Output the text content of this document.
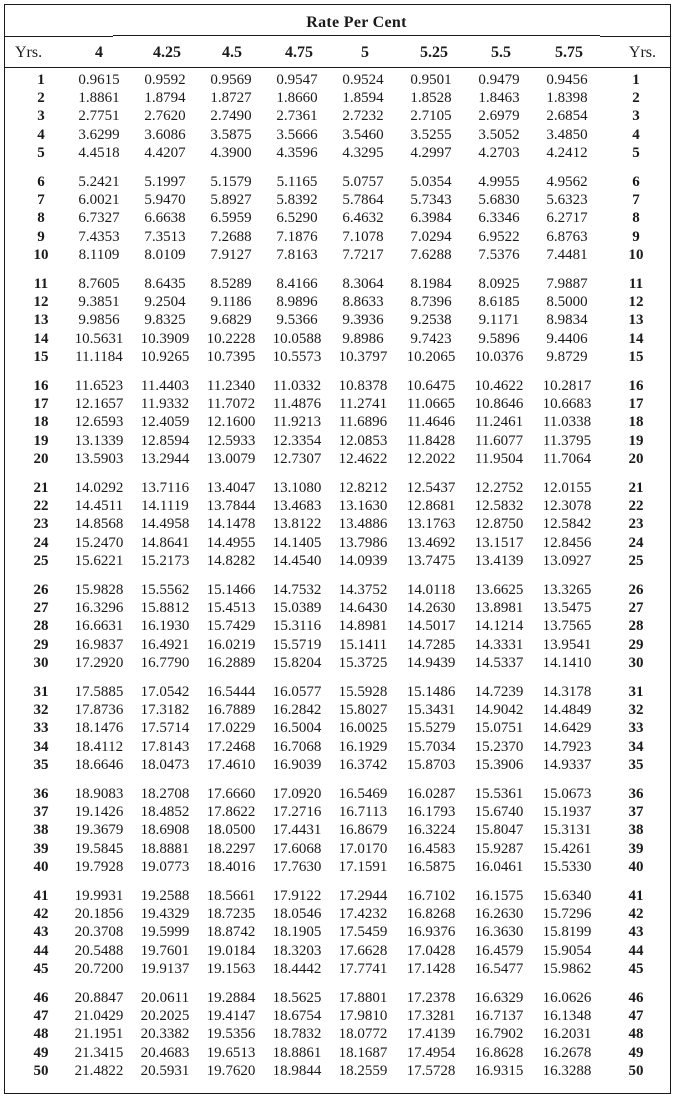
Rate Per Cent
Yrs.	4	4.25	4.5	4.75	5	5.25	5.5	5.75	Yrs.
1	0.9615	0.9592	0.9569	0.9547	0.9524	0.9501	0.9479	0.9456	1
2	1.8861	1.8794	1.8727	1.8660	1.8594	1.8528	1.8463	1.8398	2
3	2.7751	2.7620	2.7490	2.7361	2.7232	2.7105	2.6979	2.6854	3
4	3.6299	3.6086	3.5875	3.5666	3.5460	3.5255	3.5052	3.4850	4
5	4.4518	4.4207	4.3900	4.3596	4.3295	4.2997	4.2703	4.2412	5
6	5.2421	5.1997	5.1579	5.1165	5.0757	5.0354	4.9955	4.9562	6
7	6.0021	5.9470	5.8927	5.8392	5.7864	5.7343	5.6830	5.6323	7
8	6.7327	6.6638	6.5959	6.5290	6.4632	6.3984	6.3346	6.2717	8
9	7.4353	7.3513	7.2688	7.1876	7.1078	7.0294	6.9522	6.8763	9
10	8.1109	8.0109	7.9127	7.8163	7.7217	7.6288	7.5376	7.4481	10
11	8.7605	8.6435	8.5289	8.4166	8.3064	8.1984	8.0925	7.9887	11
12	9.3851	9.2504	9.1186	8.9896	8.8633	8.7396	8.6185	8.5000	12
13	9.9856	9.8325	9.6829	9.5366	9.3936	9.2538	9.1171	8.9834	13
14	10.5631	10.3909	10.2228	10.0588	9.8986	9.7423	9.5896	9.4406	14
15	11.1184	10.9265	10.7395	10.5573	10.3797	10.2065	10.0376	9.8729	15
16	11.6523	11.4403	11.2340	11.0332	10.8378	10.6475	10.4622	10.2817	16
17	12.1657	11.9332	11.7072	11.4876	11.2741	11.0665	10.8646	10.6683	17
18	12.6593	12.4059	12.1600	11.9213	11.6896	11.4646	11.2461	11.0338	18
19	13.1339	12.8594	12.5933	12.3354	12.0853	11.8428	11.6077	11.3795	19
20	13.5903	13.2944	13.0079	12.7307	12.4622	12.2022	11.9504	11.7064	20
21	14.0292	13.7116	13.4047	13.1080	12.8212	12.5437	12.2752	12.0155	21
22	14.4511	14.1119	13.7844	13.4683	13.1630	12.8681	12.5832	12.3078	22
23	14.8568	14.4958	14.1478	13.8122	13.4886	13.1763	12.8750	12.5842	23
24	15.2470	14.8641	14.4955	14.1405	13.7986	13.4692	13.1517	12.8456	24
25	15.6221	15.2173	14.8282	14.4540	14.0939	13.7475	13.4139	13.0927	25
26	15.9828	15.5562	15.1466	14.7532	14.3752	14.0118	13.6625	13.3265	26
27	16.3296	15.8812	15.4513	15.0389	14.6430	14.2630	13.8981	13.5475	27
28	16.6631	16.1930	15.7429	15.3116	14.8981	14.5017	14.1214	13.7565	28
29	16.9837	16.4921	16.0219	15.5719	15.1411	14.7285	14.3331	13.9541	29
30	17.2920	16.7790	16.2889	15.8204	15.3725	14.9439	14.5337	14.1410	30
31	17.5885	17.0542	16.5444	16.0577	15.5928	15.1486	14.7239	14.3178	31
32	17.8736	17.3182	16.7889	16.2842	15.8027	15.3431	14.9042	14.4849	32
33	18.1476	17.5714	17.0229	16.5004	16.0025	15.5279	15.0751	14.6429	33
34	18.4112	17.8143	17.2468	16.7068	16.1929	15.7034	15.2370	14.7923	34
35	18.6646	18.0473	17.4610	16.9039	16.3742	15.8703	15.3906	14.9337	35
36	18.9083	18.2708	17.6660	17.0920	16.5469	16.0287	15.5361	15.0673	36
37	19.1426	18.4852	17.8622	17.2716	16.7113	16.1793	15.6740	15.1937	37
38	19.3679	18.6908	18.0500	17.4431	16.8679	16.3224	15.8047	15.3131	38
39	19.5845	18.8881	18.2297	17.6068	17.0170	16.4583	15.9287	15.4261	39
40	19.7928	19.0773	18.4016	17.7630	17.1591	16.5875	16.0461	15.5330	40
41	19.9931	19.2588	18.5661	17.9122	17.2944	16.7102	16.1575	15.6340	41
42	20.1856	19.4329	18.7235	18.0546	17.4232	16.8268	16.2630	15.7296	42
43	20.3708	19.5999	18.8742	18.1905	17.5459	16.9376	16.3630	15.8199	43
44	20.5488	19.7601	19.0184	18.3203	17.6628	17.0428	16.4579	15.9054	44
45	20.7200	19.9137	19.1563	18.4442	17.7741	17.1428	16.5477	15.9862	45
46	20.8847	20.0611	19.2884	18.5625	17.8801	17.2378	16.6329	16.0626	46
47	21.0429	20.2025	19.4147	18.6754	17.9810	17.3281	16.7137	16.1348	47
48	21.1951	20.3382	19.5356	18.7832	18.0772	17.4139	16.7902	16.2031	48
49	21.3415	20.4683	19.6513	18.8861	18.1687	17.4954	16.8628	16.2678	49
50	21.4822	20.5931	19.7620	18.9844	18.2559	17.5728	16.9315	16.3288	50
